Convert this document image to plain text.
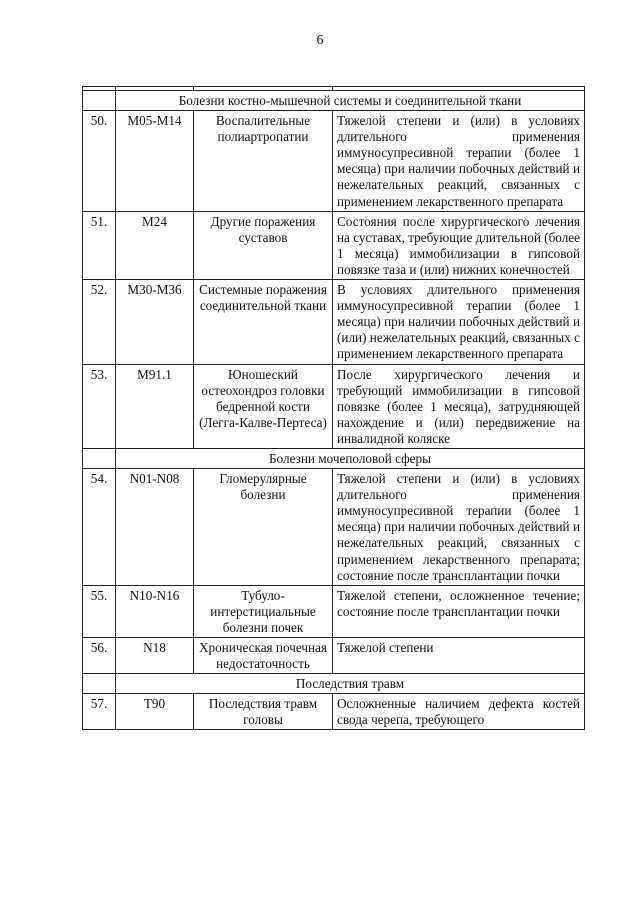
6

	Болезни костно-мышечной системы и соединительной ткани		
50.	M05-M14	Воспалительные полиартропатии	Тяжелой степени и (или) в условиях длительного применения иммуносупресивной терапии (более 1 месяца) при наличии побочных действий и нежелательных реакций, связанных с применением лекарственного препарата
51.	M24	Другие поражения суставов	Состояния после хирургического лечения на суставах, требующие длительной (более 1 месяца) иммобилизации в гипсовой повязке таза и (или) нижних конечностей
52.	M30-M36	Системные поражения соединительной ткани	В условиях длительного применения иммуносупресивной терапии (более 1 месяца) при наличии побочных действий и (или) нежелательных реакций, связанных с применением лекарственного препарата
53.	M91.1	Юношеский остеохондроз головки бедренной кости (Легга-Калве-Пертеса)	После хирургического лечения и требующий иммобилизации в гипсовой повязке (более 1 месяца), затрудняющей нахождение и (или) передвижение на инвалидной коляске
	Болезни мочеполовой сферы		
54.	N01-N08	Гломерулярные болезни	Тяжелой степени и (или) в условиях длительного применения иммуносупресивной терапии (более 1 месяца) при наличии побочных действий и нежелательных реакций, связанных с применением лекарственного препарата; состояние после трансплантации почки
55.	N10-N16	Тубуло-интерстициальные болезни почек	Тяжелой степени, осложненное течение; состояние после трансплантации почки
56.	N18	Хроническая почечная недостаточность	Тяжелой степени
	Последствия травм		
57.	T90	Последствия травм головы	Осложненные наличием дефекта костей свода черепа, требующего
